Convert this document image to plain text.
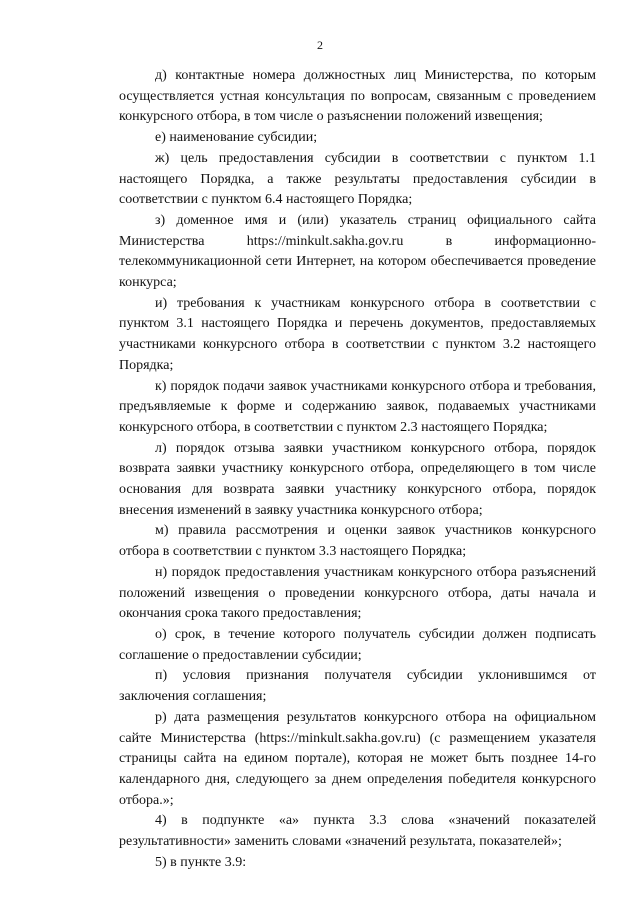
2

д) контактные номера должностных лиц Министерства, по которым осуществляется устная консультация по вопросам, связанным с проведением конкурсного отбора, в том числе о разъяснении положений извещения;

е) наименование субсидии;

ж) цель предоставления субсидии в соответствии с пунктом 1.1 настоящего Порядка, а также результаты предоставления субсидии в соответствии с пунктом 6.4 настоящего Порядка;

з) доменное имя и (или) указатель страниц официального сайта Министерства https://minkult.sakha.gov.ru в информационно-телекоммуникационной сети Интернет, на котором обеспечивается проведение конкурса;

и) требования к участникам конкурсного отбора в соответствии с пунктом 3.1 настоящего Порядка и перечень документов, предоставляемых участниками конкурсного отбора в соответствии с пунктом 3.2 настоящего Порядка;

к) порядок подачи заявок участниками конкурсного отбора и требования, предъявляемые к форме и содержанию заявок, подаваемых участниками конкурсного отбора, в соответствии с пунктом 2.3 настоящего Порядка;

л) порядок отзыва заявки участником конкурсного отбора, порядок возврата заявки участнику конкурсного отбора, определяющего в том числе основания для возврата заявки участнику конкурсного отбора, порядок внесения изменений в заявку участника конкурсного отбора;

м) правила рассмотрения и оценки заявок участников конкурсного отбора в соответствии с пунктом 3.3 настоящего Порядка;

н) порядок предоставления участникам конкурсного отбора разъяснений положений извещения о проведении конкурсного отбора, даты начала и окончания срока такого предоставления;

о) срок, в течение которого получатель субсидии должен подписать соглашение о предоставлении субсидии;

п) условия признания получателя субсидии уклонившимся от заключения соглашения;

р) дата размещения результатов конкурсного отбора на официальном сайте Министерства (https://minkult.sakha.gov.ru) (с размещением указателя страницы сайта на едином портале), которая не может быть позднее 14-го календарного дня, следующего за днем определения победителя конкурсного отбора.»;

4) в подпункте «а» пункта 3.3 слова «значений показателей результативности» заменить словами «значений результата, показателей»;

5) в пункте 3.9:
